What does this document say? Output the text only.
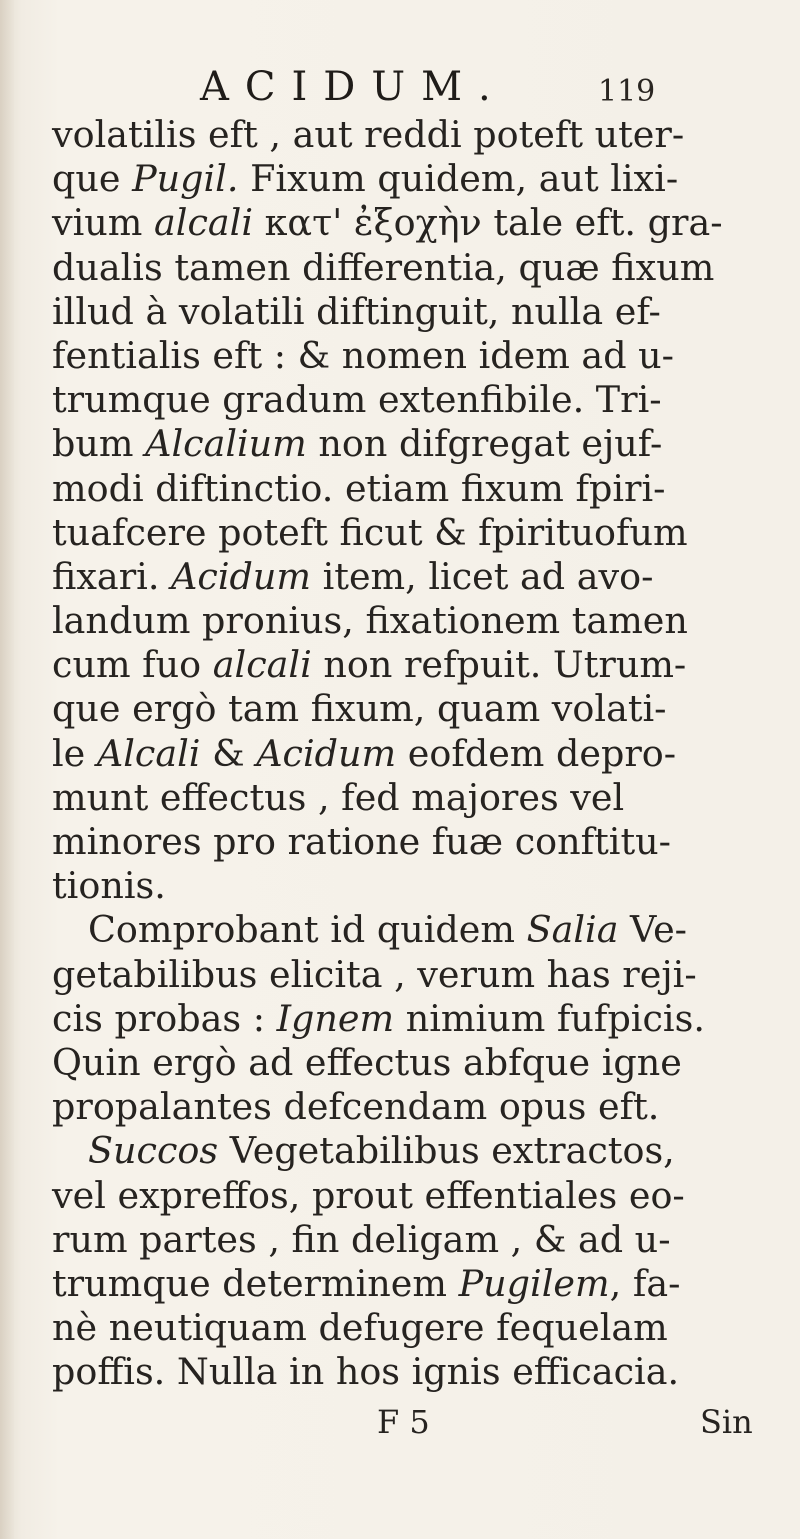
ACIDUM.	119
volatilis eft , aut reddi poteft uter-
que Pugil. Fixum quidem, aut lixi-
vium alcali κατ' ἐξοχὴν tale eft. gra-
dualis tamen differentia, quæ fixum
illud à volatili diftinguit, nulla ef-
fentialis eft : & nomen idem ad u-
trumque gradum extenfibile. Tri-
bum Alcalium non difgregat ejuf-
modi diftinctio. etiam fixum fpiri-
tuafcere poteft ficut & fpirituofum
fixari. Acidum item, licet ad avo-
landum pronius, fixationem tamen
cum fuo alcali non refpuit. Utrum-
que ergò tam fixum, quam volati-
le Alcali & Acidum eofdem depro-
munt effectus , fed majores vel
minores pro ratione fuæ conftitu-
tionis.
Comprobant id quidem Salia Ve-
getabilibus elicita , verum has reji-
cis probas : Ignem nimium fufpicis.
Quin ergò ad effectus abfque igne
propalantes defcendam opus eft.
Succos Vegetabilibus extractos,
vel expreffos, prout effentiales eo-
rum partes , fin deligam , & ad u-
trumque determinem Pugilem, fa-
nè neutiquam defugere fequelam
poffis. Nulla in hos ignis efficacia.
F 5	Sin
